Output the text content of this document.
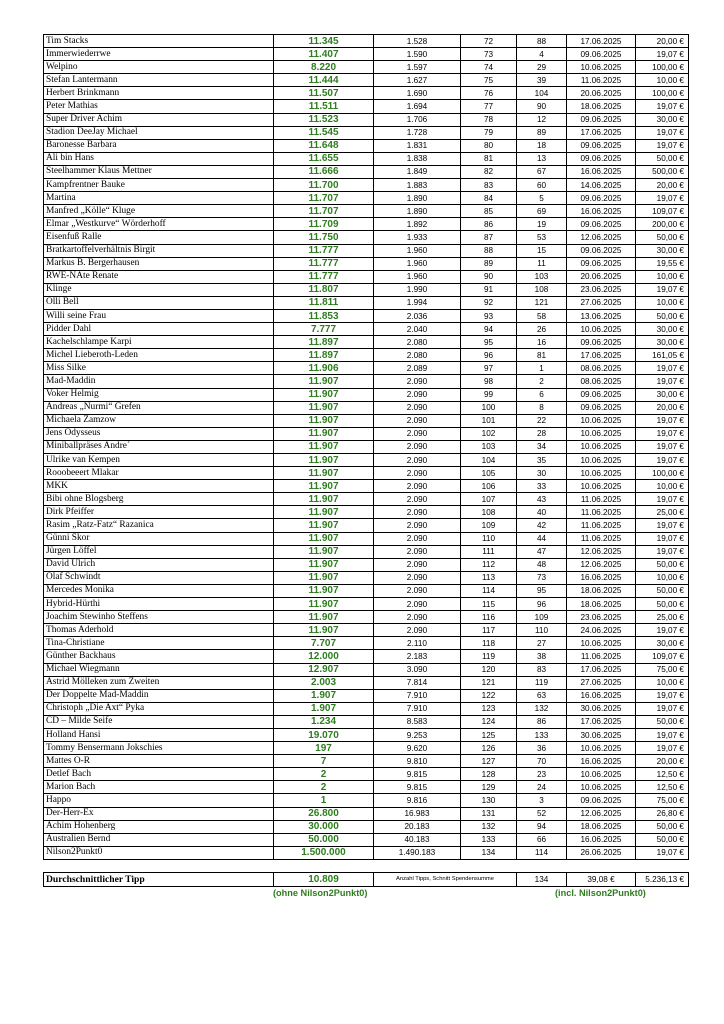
Tim Stacks	11.345	1.528	72	88	17.06.2025	20,00 €
Immerwiederrwe	11.407	1.590	73	4	09.06.2025	19,07 €
Welpino	8.220	1.597	74	29	10.06.2025	100,00 €
Stefan Lantermann	11.444	1.627	75	39	11.06.2025	10,00 €
Herbert Brinkmann	11.507	1.690	76	104	20.06.2025	100,00 €
Peter Mathias	11.511	1.694	77	90	18.06.2025	19,07 €
Super Driver Achim	11.523	1.706	78	12	09.06.2025	30,00 €
Stadion DeeJay Michael	11.545	1.728	79	89	17.06.2025	19,07 €
Baronesse Barbara	11.648	1.831	80	18	09.06.2025	19,07 €
Ali bin Hans	11.655	1.838	81	13	09.06.2025	50,00 €
Steelhammer Klaus Mettner	11.666	1.849	82	67	16.06.2025	500,00 €
Kampfrentner Bauke	11.700	1.883	83	60	14.06.2025	20,00 €
Martina	11.707	1.890	84	5	09.06.2025	19,07 €
Manfred „Kölle“ Kluge	11.707	1.890	85	69	16.06.2025	109,07 €
Elmar „Westkurve“ Wörderhoff	11.709	1.892	86	19	09.06.2025	200,00 €
Eisenfuß Ralle	11.750	1.933	87	53	12.06.2025	50,00 €
Bratkartoffelverhältnis Birgit	11.777	1.960	88	15	09.06.2025	30,00 €
Markus B. Bergerhausen	11.777	1.960	89	11	09.06.2025	19,55 €
RWE-NAte Renate	11.777	1.960	90	103	20.06.2025	10,00 €
Klinge	11.807	1.990	91	108	23.06.2025	19,07 €
Olli Bell	11.811	1.994	92	121	27.06.2025	10,00 €
Willi seine Frau	11.853	2.036	93	58	13.06.2025	50,00 €
Pidder Dahl	7.777	2.040	94	26	10.06.2025	30,00 €
Kachelschlampe Karpi	11.897	2.080	95	16	09.06.2025	30,00 €
Michel Lieberoth-Leden	11.897	2.080	96	81	17.06.2025	161,05 €
Miss Silke	11.906	2.089	97	1	08.06.2025	19,07 €
Mad-Maddin	11.907	2.090	98	2	08.06.2025	19,07 €
Voker Helmig	11.907	2.090	99	6	09.06.2025	30,00 €
Andreas „Nurmi“ Grefen	11.907	2.090	100	8	09.06.2025	20,00 €
Michaela Zamzow	11.907	2.090	101	22	10.06.2025	19,07 €
Jens Odysseus	11.907	2.090	102	28	10.06.2025	19,07 €
Miniballpräses Andre´	11.907	2.090	103	34	10.06.2025	19,07 €
Ulrike van Kempen	11.907	2.090	104	35	10.06.2025	19,07 €
Rooobeeert Mlakar	11.907	2.090	105	30	10.06.2025	100,00 €
MKK	11.907	2.090	106	33	10.06.2025	10,00 €
Bibi ohne Blogsberg	11.907	2.090	107	43	11.06.2025	19,07 €
Dirk Pfeiffer	11.907	2.090	108	40	11.06.2025	25,00 €
Rasim „Ratz-Fatz“ Razanica	11.907	2.090	109	42	11.06.2025	19,07 €
Günni Skor	11.907	2.090	110	44	11.06.2025	19,07 €
Jürgen Löffel	11.907	2.090	111	47	12.06.2025	19,07 €
David Ulrich	11.907	2.090	112	48	12.06.2025	50,00 €
Olaf Schwindt	11.907	2.090	113	73	16.06.2025	10,00 €
Mercedes Monika	11.907	2.090	114	95	18.06.2025	50,00 €
Hybrid-Hürthi	11.907	2.090	115	96	18.06.2025	50,00 €
Joachim Stewinho Steffens	11.907	2.090	116	109	23.06.2025	25,00 €
Thomas Aderhold	11.907	2.090	117	110	24.06.2025	19,07 €
Tina-Christiane	7.707	2.110	118	27	10.06.2025	30,00 €
Günther Backhaus	12.000	2.183	119	38	11.06.2025	109,07 €
Michael Wiegmann	12.907	3.090	120	83	17.06.2025	75,00 €
Astrid Mölleken zum Zweiten	2.003	7.814	121	119	27.06.2025	10,00 €
Der Doppelte Mad-Maddin	1.907	7.910	122	63	16.06.2025	19,07 €
Christoph „Die Axt“ Pyka	1.907	7.910	123	132	30.06.2025	19,07 €
CD – Milde Seife	1.234	8.583	124	86	17.06.2025	50,00 €
Holland Hansi	19.070	9.253	125	133	30.06.2025	19,07 €
Tommy Bensermann Jokschies	197	9.620	126	36	10.06.2025	19,07 €
Mattes O-R	7	9.810	127	70	16.06.2025	20,00 €
Detlef Bach	2	9.815	128	23	10.06.2025	12,50 €
Marion Bach	2	9.815	129	24	10.06.2025	12,50 €
Happo	1	9.816	130	3	09.06.2025	75,00 €
Der-Herr-Ex	26.800	16.983	131	52	12.06.2025	26,80 €
Achim Hohenberg	30.000	20.183	132	94	18.06.2025	50,00 €
Australien Bernd	50.000	40.183	133	66	16.06.2025	50,00 €
Nilson2Punkt0	1.500.000	1.490.183	134	114	26.06.2025	19,07 €
Durchschnittlicher Tipp	10.809	Anzahl Tipps, Schnitt Spendensumme	134	39,08 €	5.236,13 €
(ohne Nilson2Punkt0)	(incl. Nilson2Punkt0)
